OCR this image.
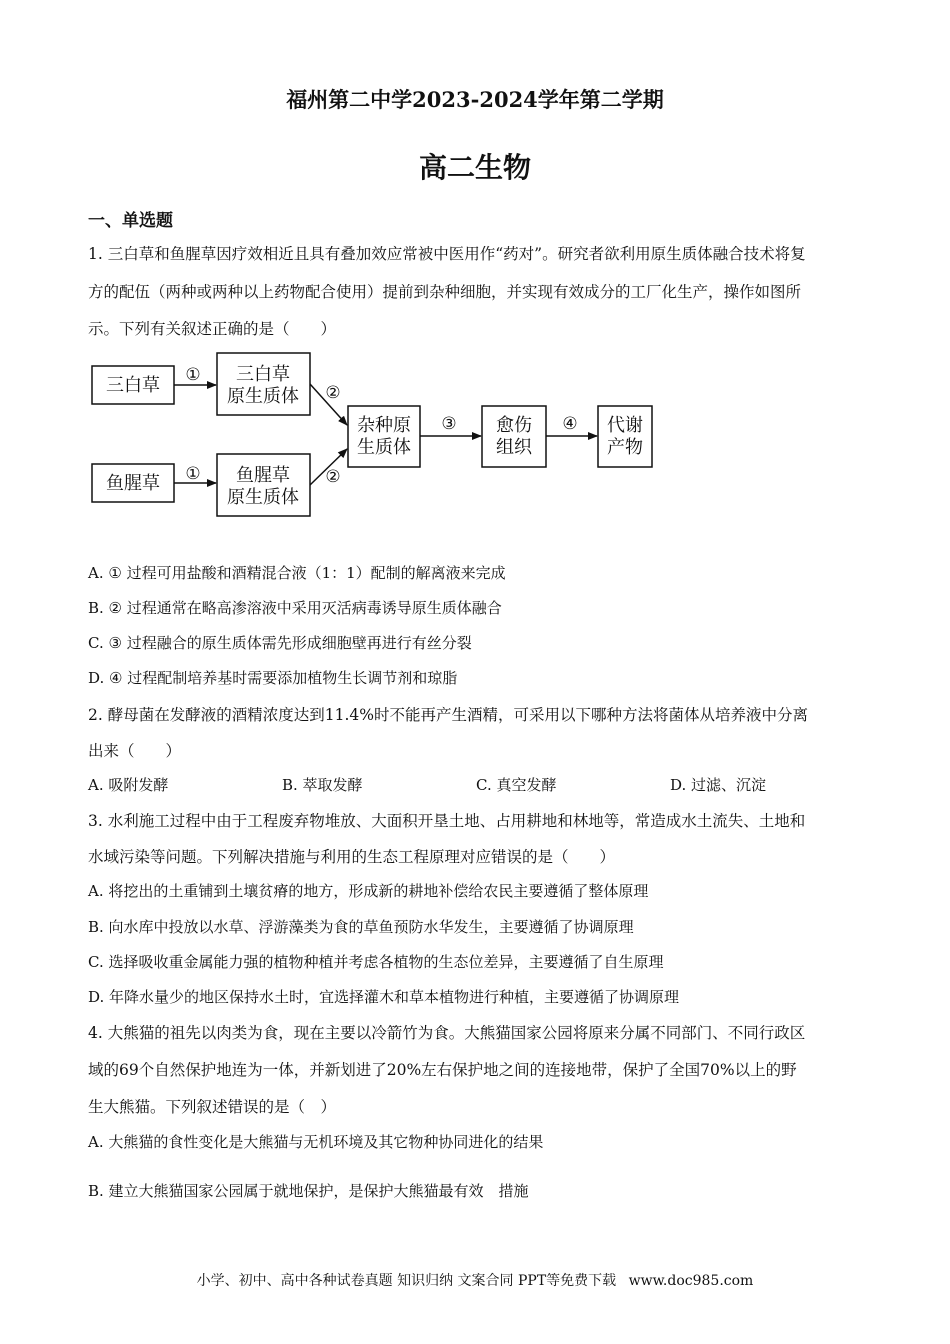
福州第二中学2023-2024学年第二学期
高二生物
一、单选题
1. 三白草和鱼腥草因疗效相近且具有叠加效应常被中医用作“药对”。研究者欲利用原生质体融合技术将复
方的配伍（两种或两种以上药物配合使用）提前到杂种细胞，并实现有效成分的工厂化生产，操作如图所
示。下列有关叙述正确的是（　　）
三白草
鱼腥草
三白草
原生质体
鱼腥草
原生质体
杂种原
生质体
愈伤
组织
代谢
产物
①
①
②
②
③	④
A. ① 过程可用盐酸和酒精混合液（1：1）配制的解离液来完成
B. ② 过程通常在略高渗溶液中采用灭活病毒诱导原生质体融合
C. ③ 过程融合的原生质体需先形成细胞壁再进行有丝分裂
D. ④ 过程配制培养基时需要添加植物生长调节剂和琼脂
2. 酵母菌在发酵液的酒精浓度达到11.4%时不能再产生酒精，可采用以下哪种方法将菌体从培养液中分离
出来（　　）
A. 吸附发酵	B. 萃取发酵	C. 真空发酵	D. 过滤、沉淀
3. 水利施工过程中由于工程废弃物堆放、大面积开垦土地、占用耕地和林地等，常造成水土流失、土地和
水域污染等问题。下列解决措施与利用的生态工程原理对应错误的是（　　）
A. 将挖出的土重铺到土壤贫瘠的地方，形成新的耕地补偿给农民主要遵循了整体原理
B. 向水库中投放以水草、浮游藻类为食的草鱼预防水华发生，主要遵循了协调原理
C. 选择吸收重金属能力强的植物种植并考虑各植物的生态位差异，主要遵循了自生原理
D. 年降水量少的地区保持水土时，宜选择灌木和草本植物进行种植，主要遵循了协调原理
4. 大熊猫的祖先以肉类为食，现在主要以冷箭竹为食。大熊猫国家公园将原来分属不同部门、不同行政区
域的69个自然保护地连为一体，并新划进了20%左右保护地之间的连接地带，保护了全国70%以上的野
生大熊猫。下列叙述错误的是（　）
A. 大熊猫的食性变化是大熊猫与无机环境及其它物种协同进化的结果
B. 建立大熊猫国家公园属于就地保护，是保护大熊猫最有效　措施
小学、初中、高中各种试卷真题 知识归纳 文案合同 PPT等免费下载 www.doc985.com
